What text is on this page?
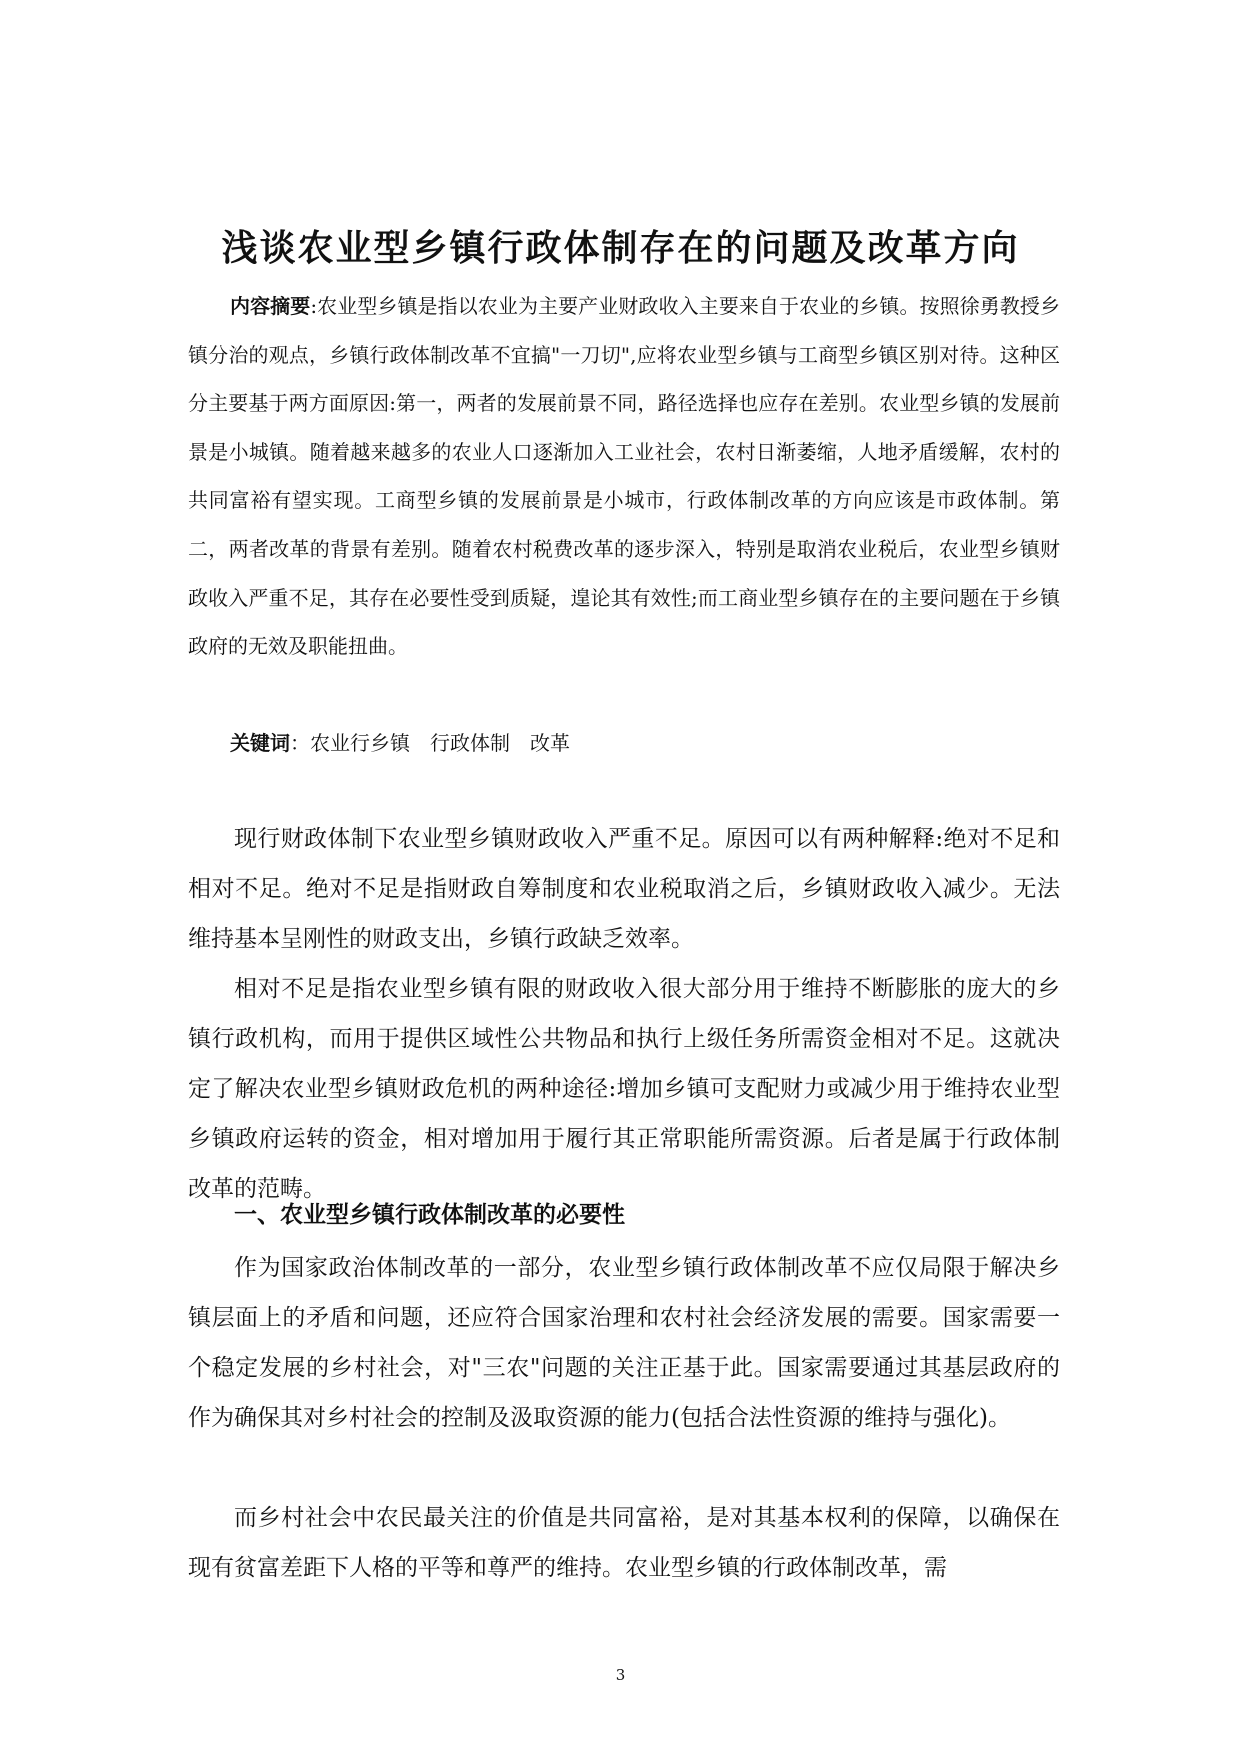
浅谈农业型乡镇行政体制存在的问题及改革方向

内容摘要:农业型乡镇是指以农业为主要产业财政收入主要来自于农业的乡镇。按照徐勇教授乡镇分治的观点，乡镇行政体制改革不宜搞"一刀切",应将农业型乡镇与工商型乡镇区别对待。这种区分主要基于两方面原因:第一，两者的发展前景不同，路径选择也应存在差别。农业型乡镇的发展前景是小城镇。随着越来越多的农业人口逐渐加入工业社会，农村日渐萎缩，人地矛盾缓解，农村的共同富裕有望实现。工商型乡镇的发展前景是小城市，行政体制改革的方向应该是市政体制。第二，两者改革的背景有差别。随着农村税费改革的逐步深入，特别是取消农业税后，农业型乡镇财政收入严重不足，其存在必要性受到质疑，遑论其有效性;而工商业型乡镇存在的主要问题在于乡镇政府的无效及职能扭曲。

关键词：农业行乡镇 行政体制 改革

现行财政体制下农业型乡镇财政收入严重不足。原因可以有两种解释:绝对不足和相对不足。绝对不足是指财政自筹制度和农业税取消之后，乡镇财政收入减少。无法维持基本呈刚性的财政支出，乡镇行政缺乏效率。

相对不足是指农业型乡镇有限的财政收入很大部分用于维持不断膨胀的庞大的乡镇行政机构，而用于提供区域性公共物品和执行上级任务所需资金相对不足。这就决定了解决农业型乡镇财政危机的两种途径:增加乡镇可支配财力或减少用于维持农业型乡镇政府运转的资金，相对增加用于履行其正常职能所需资源。后者是属于行政体制改革的范畴。

一、农业型乡镇行政体制改革的必要性

作为国家政治体制改革的一部分，农业型乡镇行政体制改革不应仅局限于解决乡镇层面上的矛盾和问题，还应符合国家治理和农村社会经济发展的需要。国家需要一个稳定发展的乡村社会，对"三农"问题的关注正基于此。国家需要通过其基层政府的作为确保其对乡村社会的控制及汲取资源的能力(包括合法性资源的维持与强化)。

而乡村社会中农民最关注的价值是共同富裕，是对其基本权利的保障，以确保在现有贫富差距下人格的平等和尊严的维持。农业型乡镇的行政体制改革，需

3
